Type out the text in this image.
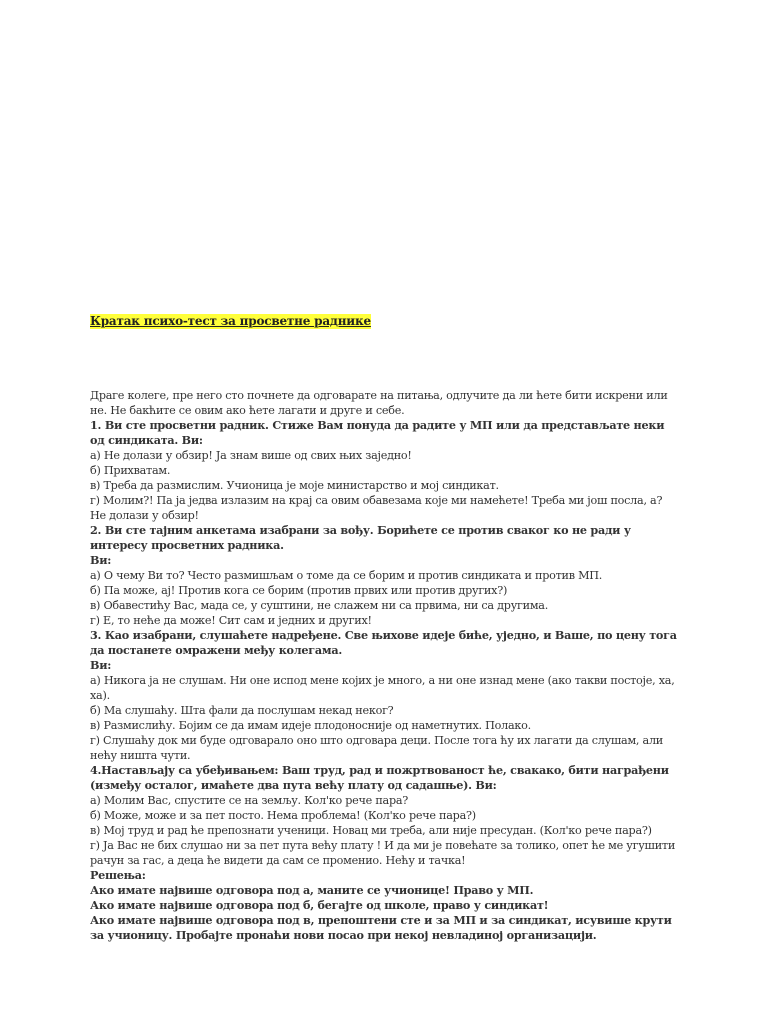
Кратак психо-тест за просветне раднике

Драге колеге, пре него сто почнете да одговарате на питања, одлучите да ли ћете бити искрени или не. Не бакћите се овим ако ћете лагати и друге и себе.

1. Ви сте просветни радник. Стиже Вам понуда да радите у МП или да представљате неки од синдиката. Ви:

а) Не долази у обзир! Ја знам више од свих њих заједно!

б) Прихватам.

в) Треба да размислим. Учионица је моје министарство и мој синдикат.

г) Молим?! Па ја једва излазим на крај са овим обавезама које ми намећете! Треба ми још посла, а? Не долази у обзир!

2. Ви сте тајним анкетама изабрани за вођу. Борићете се против сваког ко не ради у интересу просветних радника.

Ви:

а) О чему Ви то? Често размишљам о томе да се борим и против синдиката и против МП.

б) Па може, ај! Против кога се борим (против првих или против других?)

в) Обавестићу Вас, мада се, у суштини, не слажем ни са првима, ни са другима.

г) Е, то неће да може! Сит сам и једних и других!

3. Као изабрани, слушаћете надређене. Све њихове идеје биће, уједно, и Ваше, по цену тога да постанете омражени међу колегама.

Ви:

а) Никога ја не слушам. Ни оне испод мене којих је много, а ни оне изнад мене (ако такви постоје, ха, ха).

б) Ма слушаћу. Шта фали да послушам некад неког?

в) Размислићу. Бојим се да имам идеје плодоносније од наметнутих. Полако.

г) Слушаћу док ми буде одговарало оно што одговара деци. После тога ћу их лагати да слушам, али нећу ништа чути.

4.Настављају са убеђивањем: Ваш труд, рад и пожртвованост ће, свакако, бити награђени (између осталог, имаћете два пута већу плату од садашње). Ви:

а) Молим Вас, спустите се на земљу. Кол'ко рече пара?

б) Може, може и за пет посто. Нема проблема! (Кол'ко рече пара?)

в) Мој труд и рад ће препознати ученици. Новац ми треба, али није пресудан. (Кол'ко рече пара?)

г) Ја Вас не бих слушао ни за пет пута већу плату ! И да ми је повећате за толико, опет ће ме угушити рачун за гас, а деца ће видети да сам се променио. Нећу и тачка!

Решења:

Ако имате највише одговора под а, маните се учионице! Право у МП.

Ако имате највише одговора под б, бегајте од школе, право у синдикат!

Ако имате највише одговора под в, препоштени сте и за МП и за синдикат, исувише крути за учионицу. Пробајте пронаћи нови посао при некој невладиној организацији.
